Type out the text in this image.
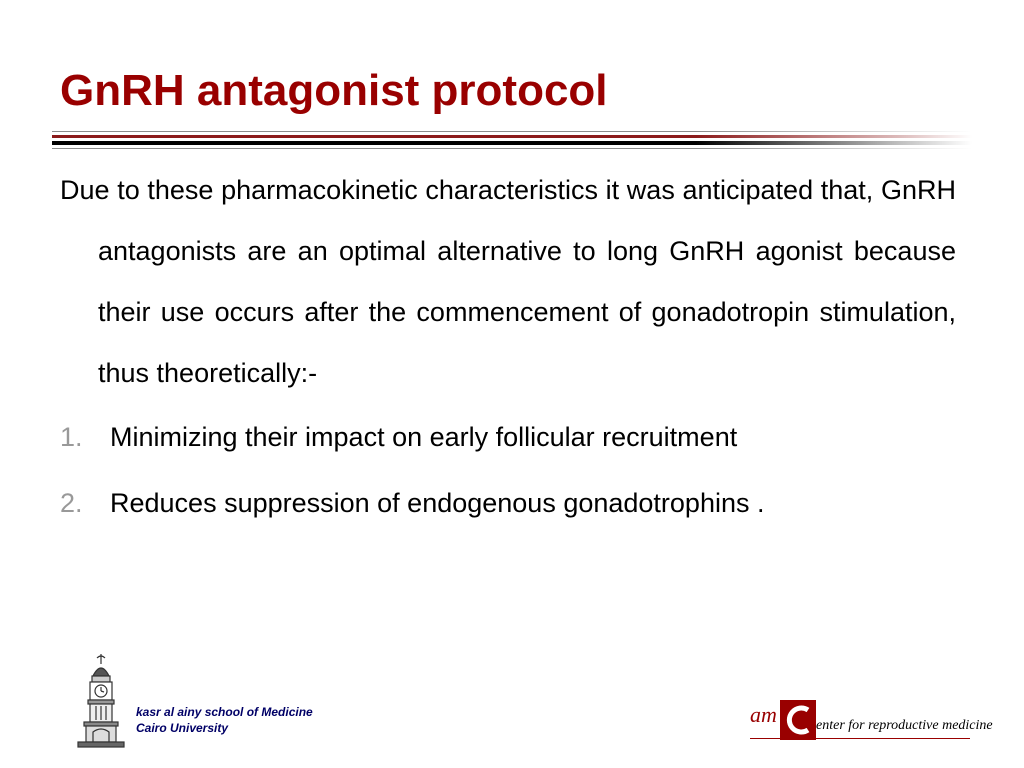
GnRH antagonist protocol

Due to these pharmacokinetic characteristics it was anticipated that, GnRH antagonists are an optimal alternative to long GnRH agonist because their use occurs after the commencement of gonadotropin stimulation, thus theoretically:-

1. Minimizing their impact on early follicular recruitment
2. Reduces suppression of endogenous gonadotrophins .
kasr al ainy school of Medicine
Cairo University
am	enter for reproductive medicine
